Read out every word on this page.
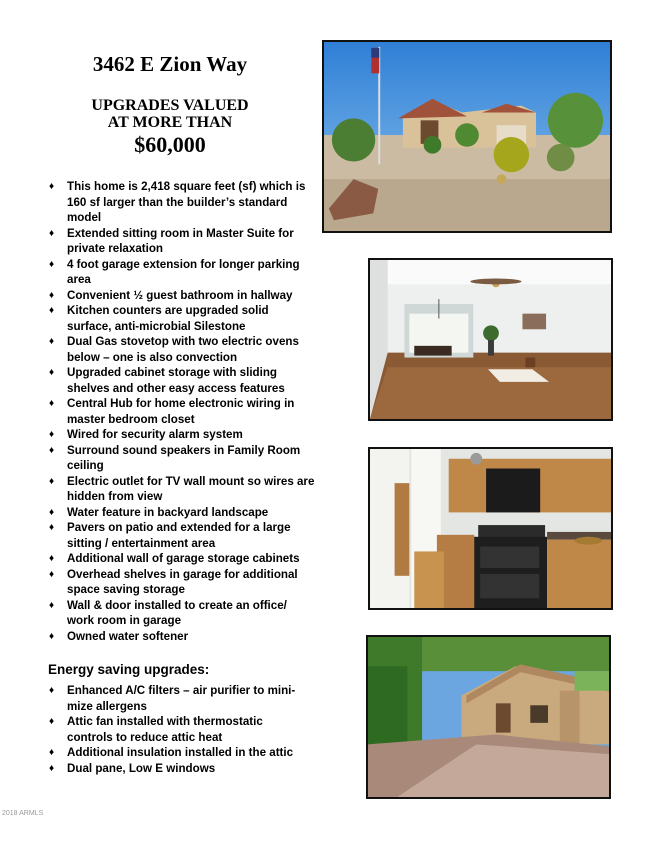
3462 E Zion Way
UPGRADES VALUED
AT MORE THAN
$60,000
♦ This home is 2,418 square feet (sf) which is 160 sf larger than the builder’s standard model
♦ Extended sitting room in Master Suite for private relaxation
♦ 4 foot garage extension for longer parking area
♦ Convenient ½ guest bathroom in hallway
♦ Kitchen counters are upgraded solid surface, anti-microbial Silestone
♦ Dual Gas stovetop with two electric ovens below – one is also convection
♦ Upgraded cabinet storage with sliding shelves and other easy access features
♦ Central Hub for home electronic wiring in master bedroom closet
♦ Wired for security alarm system
♦ Surround sound speakers in Family Room ceiling
♦ Electric outlet for TV wall mount so wires are hidden from view
♦ Water feature in backyard landscape
♦ Pavers on patio and extended for a large sitting / entertainment area
♦ Additional wall of garage storage cabinets
♦ Overhead shelves in garage for additional space saving storage
♦ Wall & door installed to create an office/ work room in garage
♦ Owned water softener
Energy saving upgrades:
♦ Enhanced A/C filters – air purifier to mini-mize allergens
♦ Attic fan installed with thermostatic controls to reduce attic heat
♦ Additional insulation installed in the attic
♦ Dual pane, Low E windows
2018 ARMLS
